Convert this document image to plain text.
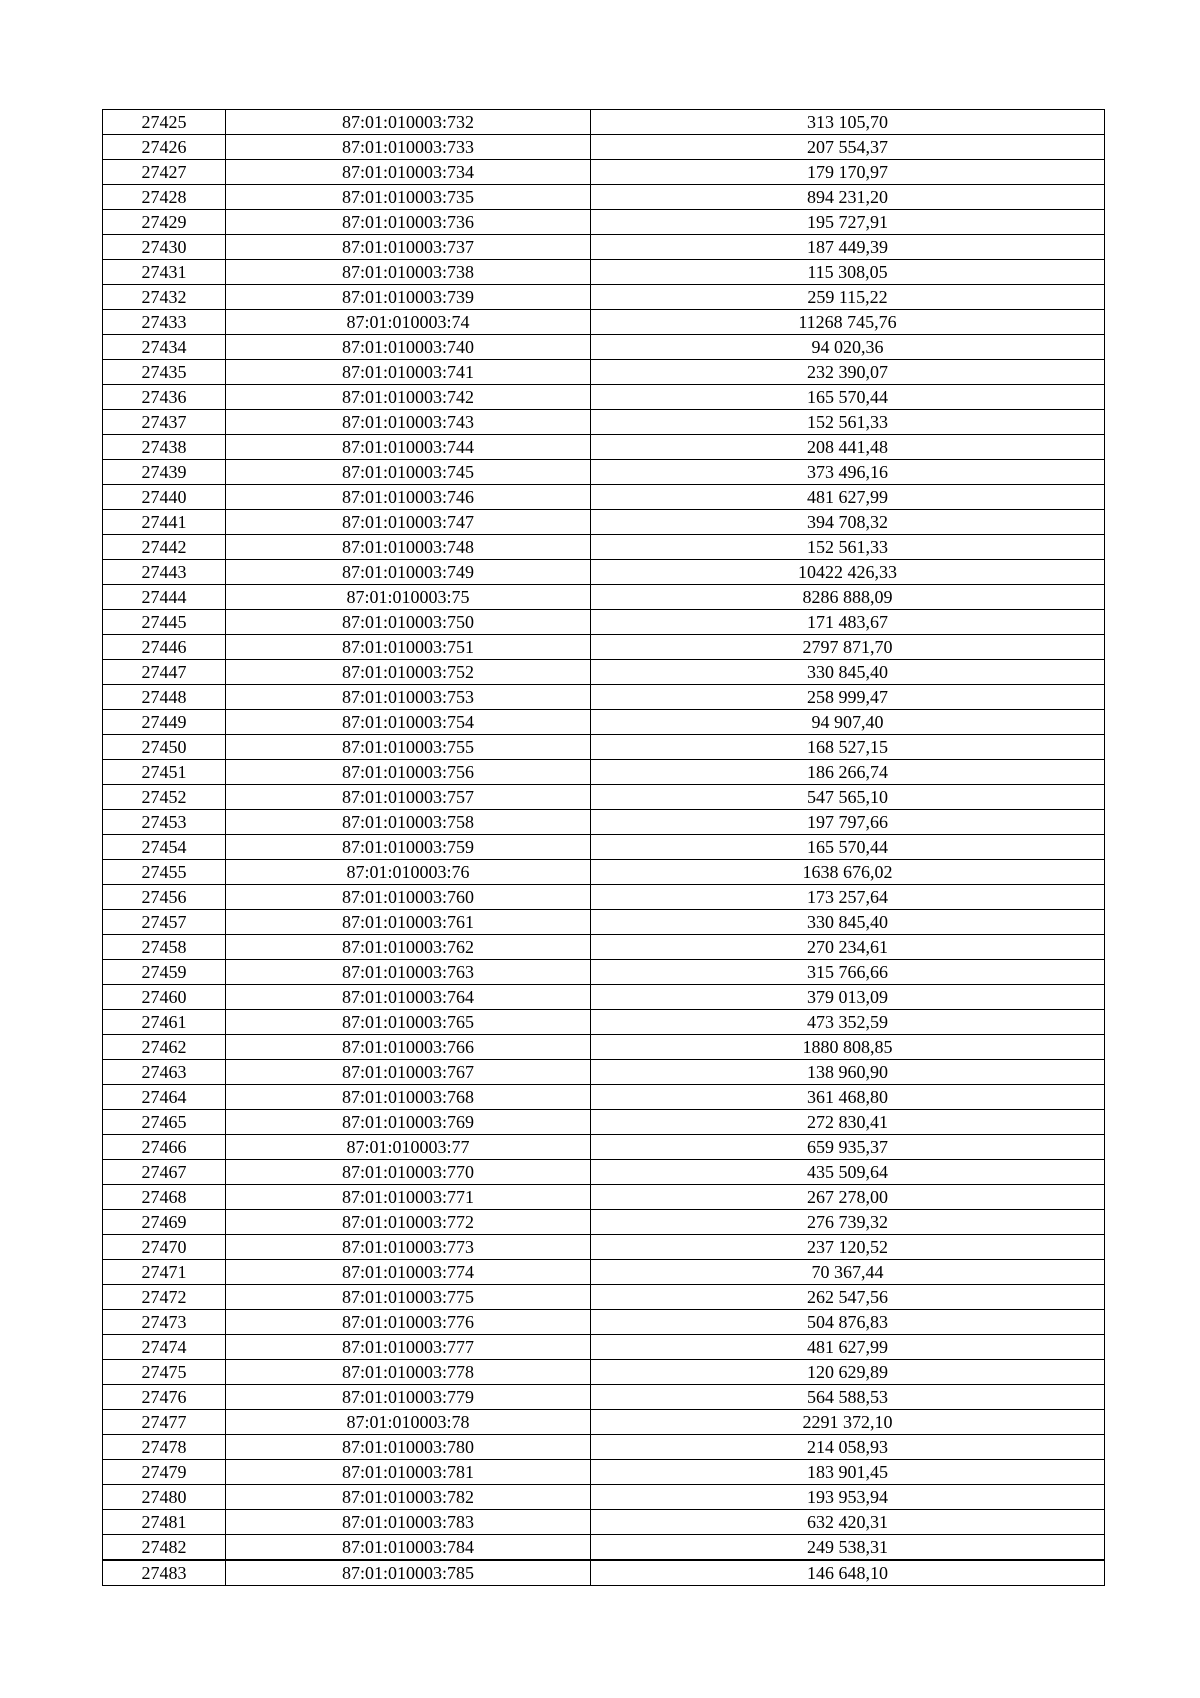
27425	87:01:010003:732	313 105,70
27426	87:01:010003:733	207 554,37
27427	87:01:010003:734	179 170,97
27428	87:01:010003:735	894 231,20
27429	87:01:010003:736	195 727,91
27430	87:01:010003:737	187 449,39
27431	87:01:010003:738	115 308,05
27432	87:01:010003:739	259 115,22
27433	87:01:010003:74	11268 745,76
27434	87:01:010003:740	94 020,36
27435	87:01:010003:741	232 390,07
27436	87:01:010003:742	165 570,44
27437	87:01:010003:743	152 561,33
27438	87:01:010003:744	208 441,48
27439	87:01:010003:745	373 496,16
27440	87:01:010003:746	481 627,99
27441	87:01:010003:747	394 708,32
27442	87:01:010003:748	152 561,33
27443	87:01:010003:749	10422 426,33
27444	87:01:010003:75	8286 888,09
27445	87:01:010003:750	171 483,67
27446	87:01:010003:751	2797 871,70
27447	87:01:010003:752	330 845,40
27448	87:01:010003:753	258 999,47
27449	87:01:010003:754	94 907,40
27450	87:01:010003:755	168 527,15
27451	87:01:010003:756	186 266,74
27452	87:01:010003:757	547 565,10
27453	87:01:010003:758	197 797,66
27454	87:01:010003:759	165 570,44
27455	87:01:010003:76	1638 676,02
27456	87:01:010003:760	173 257,64
27457	87:01:010003:761	330 845,40
27458	87:01:010003:762	270 234,61
27459	87:01:010003:763	315 766,66
27460	87:01:010003:764	379 013,09
27461	87:01:010003:765	473 352,59
27462	87:01:010003:766	1880 808,85
27463	87:01:010003:767	138 960,90
27464	87:01:010003:768	361 468,80
27465	87:01:010003:769	272 830,41
27466	87:01:010003:77	659 935,37
27467	87:01:010003:770	435 509,64
27468	87:01:010003:771	267 278,00
27469	87:01:010003:772	276 739,32
27470	87:01:010003:773	237 120,52
27471	87:01:010003:774	70 367,44
27472	87:01:010003:775	262 547,56
27473	87:01:010003:776	504 876,83
27474	87:01:010003:777	481 627,99
27475	87:01:010003:778	120 629,89
27476	87:01:010003:779	564 588,53
27477	87:01:010003:78	2291 372,10
27478	87:01:010003:780	214 058,93
27479	87:01:010003:781	183 901,45
27480	87:01:010003:782	193 953,94
27481	87:01:010003:783	632 420,31
27482	87:01:010003:784	249 538,31
27483	87:01:010003:785	146 648,10
